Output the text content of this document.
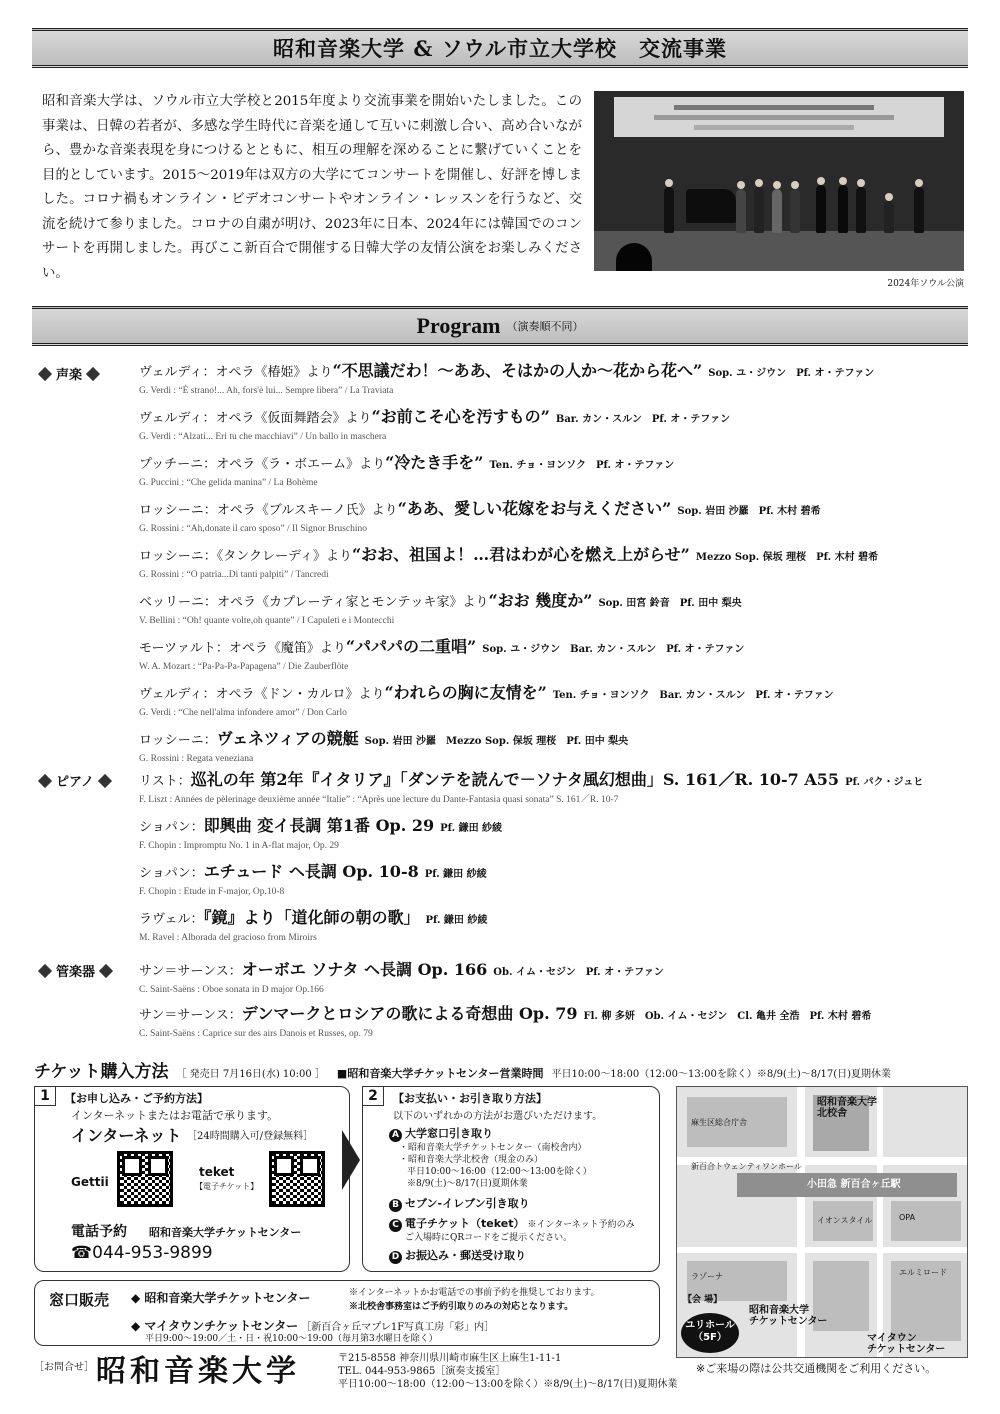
昭和音楽大学 & ソウル市立大学校　交流事業

昭和音楽大学は、ソウル市立大学校と2015年度より交流事業を開始いたしました。この事業は、日韓の若者が、多感な学生時代に音楽を通して互いに刺激し合い、高め合いながら、豊かな音楽表現を身につけるとともに、相互の理解を深めることに繋げていくことを目的としています。2015～2019年は双方の大学にてコンサートを開催し、好評を博しました。コロナ禍もオンライン・ビデオコンサートやオンライン・レッスンを行うなど、交流を続けて参りました。コロナの自粛が明け、2023年に日本、2024年には韓国でのコンサートを再開しました。再びここ新百合で開催する日韓大学の友情公演をお楽しみください。

2024年ソウル公演
Program （演奏順不同）
声楽
ピアノ
管楽器
ヴェルディ：オペラ《椿姫》より“不思議だわ！～ああ、そはかの人か～花から花へ” Sop. ユ・ジウン　Pf. オ・テファン
G. Verdi : “È strano!... Ah, fors'è lui... Sempre libera” / La Traviata
ヴェルディ：オペラ《仮面舞踏会》より“お前こそ心を汚すもの” Bar. カン・スルン　Pf. オ・テファン
G. Verdi : “Alzati... Eri tu che macchiavi” / Un ballo in maschera
プッチーニ：オペラ《ラ・ボエーム》より“冷たき手を” Ten. チョ・ヨンソク　Pf. オ・テファン
G. Puccini : “Che gelida manina” / La Bohème
ロッシーニ：オペラ《ブルスキーノ氏》より“ああ、愛しい花嫁をお与えください” Sop. 岩田 沙羅　Pf. 木村 碧希
G. Rossini : “Ah,donate il caro sposo” / Il Signor Bruschino
ロッシーニ：《タンクレーディ》より“おお、祖国よ！…君はわが心を燃え上がらせ” Mezzo Sop. 保坂 理桜　Pf. 木村 碧希
G. Rossini : “O patria...Di tanti palpiti” / Tancredi
ベッリーニ：オペラ《カプレーティ家とモンテッキ家》より“おお 幾度か” Sop. 田宮 鈴音　Pf. 田中 梨央
V. Bellini : “Oh! quante volte,oh quante” / I Capuleti e i Montecchi
モーツァルト：オペラ《魔笛》より“パパパの二重唱” Sop. ユ・ジウン　Bar. カン・スルン　Pf. オ・テファン
W. A. Mozart : “Pa-Pa-Pa-Papagena” / Die Zauberflöte
ヴェルディ：オペラ《ドン・カルロ》より“われらの胸に友情を” Ten. チョ・ヨンソク　Bar. カン・スルン　Pf. オ・テファン
G. Verdi : “Che nell'alma infondere amor” / Don Carlo
ロッシーニ：ヴェネツィアの競艇 Sop. 岩田 沙羅　Mezzo Sop. 保坂 理桜　Pf. 田中 梨央
G. Rossini : Regata veneziana
リスト：巡礼の年 第2年『イタリア』「ダンテを読んで－ソナタ風幻想曲」S. 161／R. 10-7 A55 Pf. パク・ジュヒ
F. Liszt : Années de pèlerinage deuxième année “Italie” : “Après une lecture du Dante-Fantasia quasi sonata” S. 161／R. 10-7
ショパン：即興曲 変イ長調 第1番 Op. 29 Pf. 鎌田 紗綾
F. Chopin : Impromptu No. 1 in A-flat major, Op. 29
ショパン：エチュード ヘ長調 Op. 10-8 Pf. 鎌田 紗綾
F. Chopin : Etude in F-major, Op.10-8
ラヴェル：『鏡』より「道化師の朝の歌」 Pf. 鎌田 紗綾
M. Ravel : Alborada del gracioso from Miroirs
サン＝サーンス：オーボエ ソナタ ヘ長調 Op. 166 Ob. イム・セジン　Pf. オ・テファン
C. Saint-Saëns : Oboe sonata in D major Op.166
サン＝サーンス：デンマークとロシアの歌による奇想曲 Op. 79 Fl. 柳 多妍　Ob. イム・セジン　Cl. 亀井 全浩　Pf. 木村 碧希
C. Saint-Saëns : Caprice sur des airs Danois et Russes, op. 79
チケット購入方法 ［ 発売日 7月16日(水) 10:00 ］ ■昭和音楽大学チケットセンター営業時間 平日10:00～18:00（12:00～13:00を除く）※8/9(土)～8/17(日)夏期休業
1	【お申し込み・ご予約方法】
インターネットまたはお電話で承ります。
インターネット ［24時間購入可/登録無料］
Gettii
teket
【電子チケット】
電話予約 昭和音楽大学チケットセンター
☎044-953-9899
2	【お支払い・お引き取り方法】
以下のいずれかの方法がお選びいただけます。
A 大学窓口引き取り
・昭和音楽大学チケットセンター（南校舎内）
・昭和音楽大学北校舎（現金のみ）
平日10:00～16:00（12:00～13:00を除く）
※8/9(土)～8/17(日)夏期休業
B セブン-イレブン引き取り
C 電子チケット（teket） ※インターネット予約のみ
ご入場時にQRコードをご提示ください。
D お振込み・郵送受け取り
窓口販売 ◆ 昭和音楽大学チケットセンター	※インターネットかお電話での事前予約を推奨しております。
※北校舎事務室はご予約引取りのみの対応となります。
◆ マイタウンチケットセンター ［新百合ヶ丘マプレ1F写真工房「彩」内］
平日9:00～19:00／土・日・祝10:00～19:00（毎月第3水曜日を除く）
昭和音楽大学
北校舎
麻生区総合庁舎
新百合トウェンティワンホール
小田急 新百合ヶ丘駅
イオンスタイル	OPA
エルミロード
ラゾーナ
【会 場】
昭和音楽大学
チケットセンター
ユリホール
（5F）	マイタウン
チケットセンター
※ご来場の際は公共交通機関をご利用ください。
［お問合せ］ 昭和音楽大学	〒215-8558 神奈川県川崎市麻生区上麻生1-11-1
TEL. 044-953-9865［演奏支援室］
平日10:00～18:00（12:00～13:00を除く）※8/9(土)～8/17(日)夏期休業
